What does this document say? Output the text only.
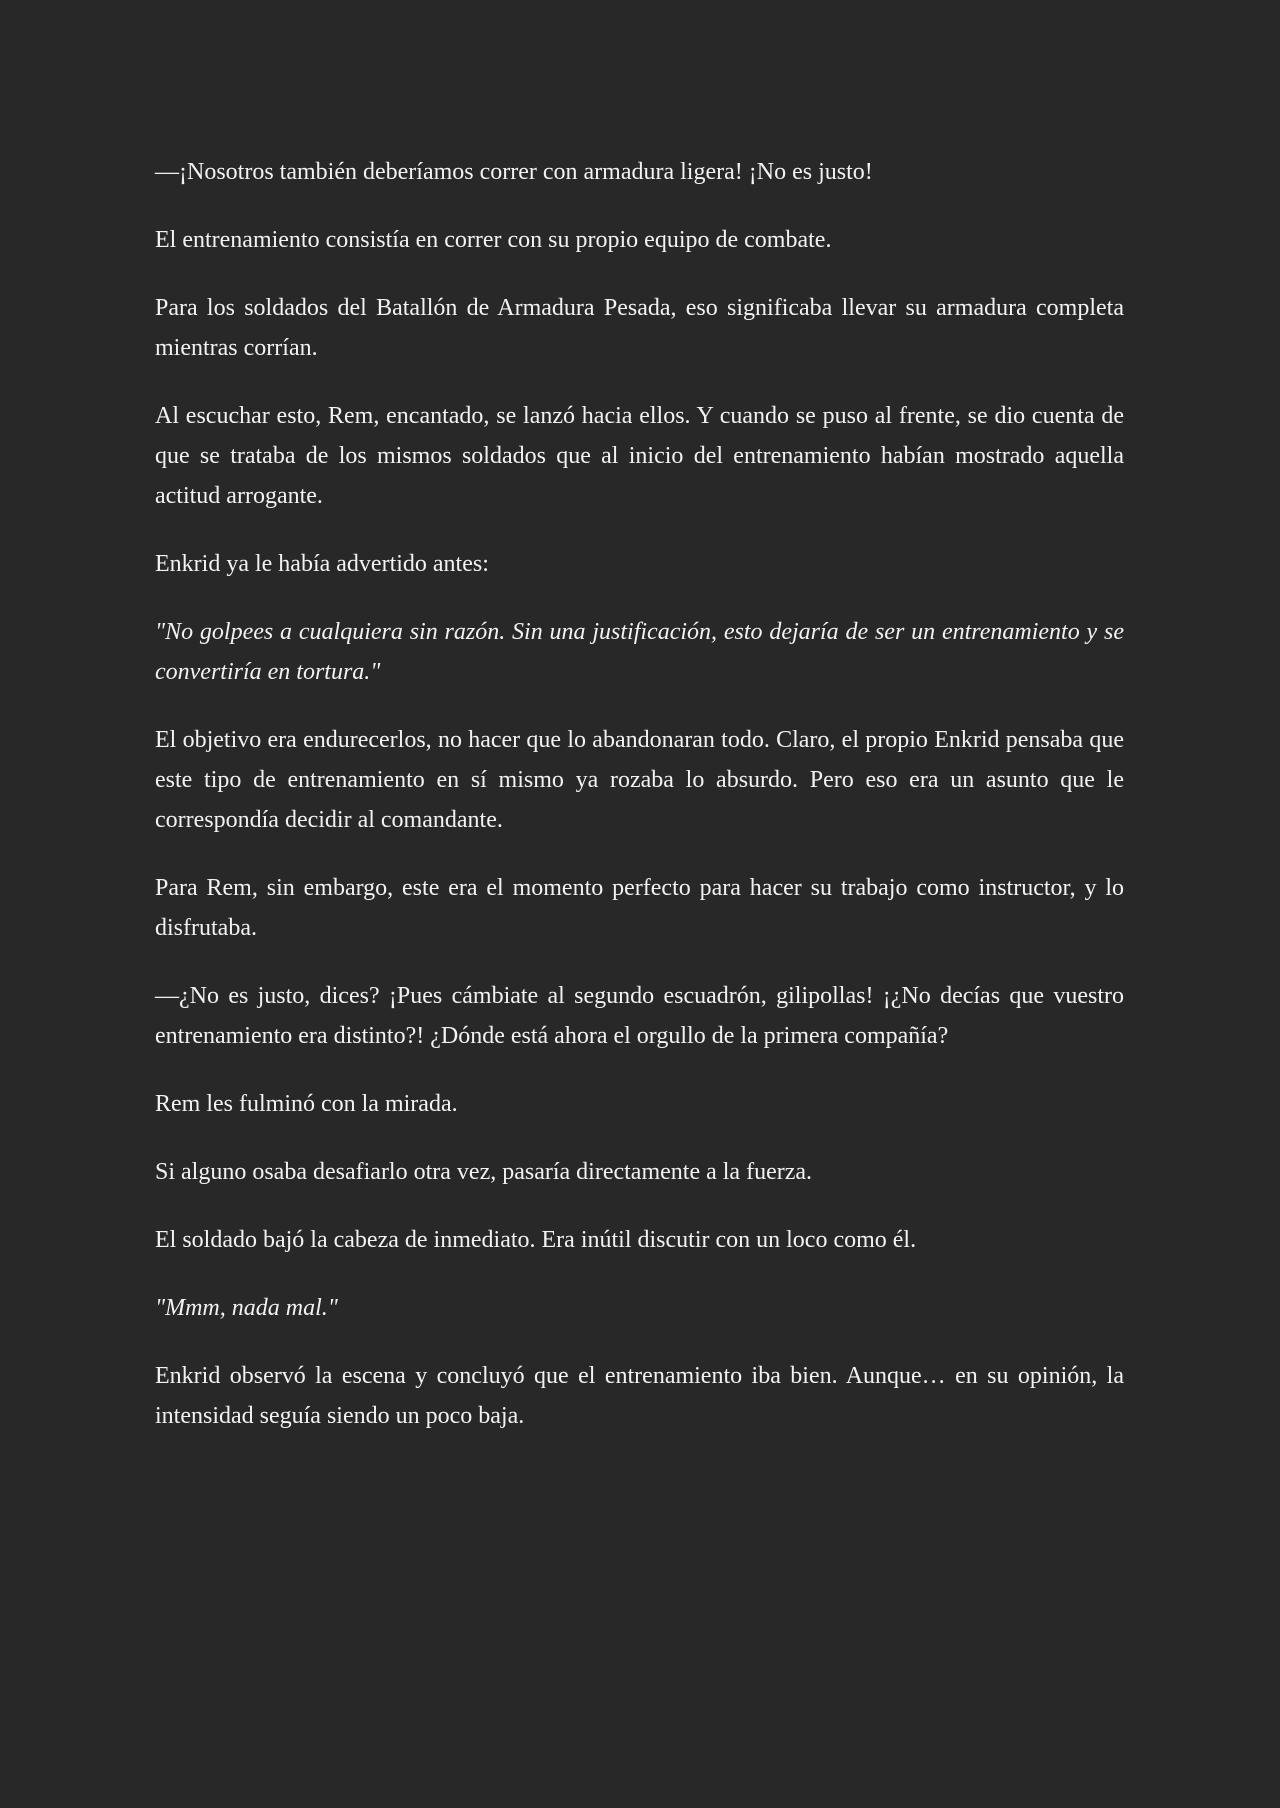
—¡Nosotros también deberíamos correr con armadura ligera! ¡No es justo!

El entrenamiento consistía en correr con su propio equipo de combate.

Para los soldados del Batallón de Armadura Pesada, eso significaba llevar su armadura completa mientras corrían.

Al escuchar esto, Rem, encantado, se lanzó hacia ellos. Y cuando se puso al frente, se dio cuenta de que se trataba de los mismos soldados que al inicio del entrenamiento habían mostrado aquella actitud arrogante.

Enkrid ya le había advertido antes:

"No golpees a cualquiera sin razón. Sin una justificación, esto dejaría de ser un entrenamiento y se convertiría en tortura."

El objetivo era endurecerlos, no hacer que lo abandonaran todo. Claro, el propio Enkrid pensaba que este tipo de entrenamiento en sí mismo ya rozaba lo absurdo. Pero eso era un asunto que le correspondía decidir al comandante.

Para Rem, sin embargo, este era el momento perfecto para hacer su trabajo como instructor, y lo disfrutaba.

—¿No es justo, dices? ¡Pues cámbiate al segundo escuadrón, gilipollas! ¡¿No decías que vuestro entrenamiento era distinto?! ¿Dónde está ahora el orgullo de la primera compañía?

Rem les fulminó con la mirada.

Si alguno osaba desafiarlo otra vez, pasaría directamente a la fuerza.

El soldado bajó la cabeza de inmediato. Era inútil discutir con un loco como él.

"Mmm, nada mal."

Enkrid observó la escena y concluyó que el entrenamiento iba bien. Aunque… en su opinión, la intensidad seguía siendo un poco baja.
